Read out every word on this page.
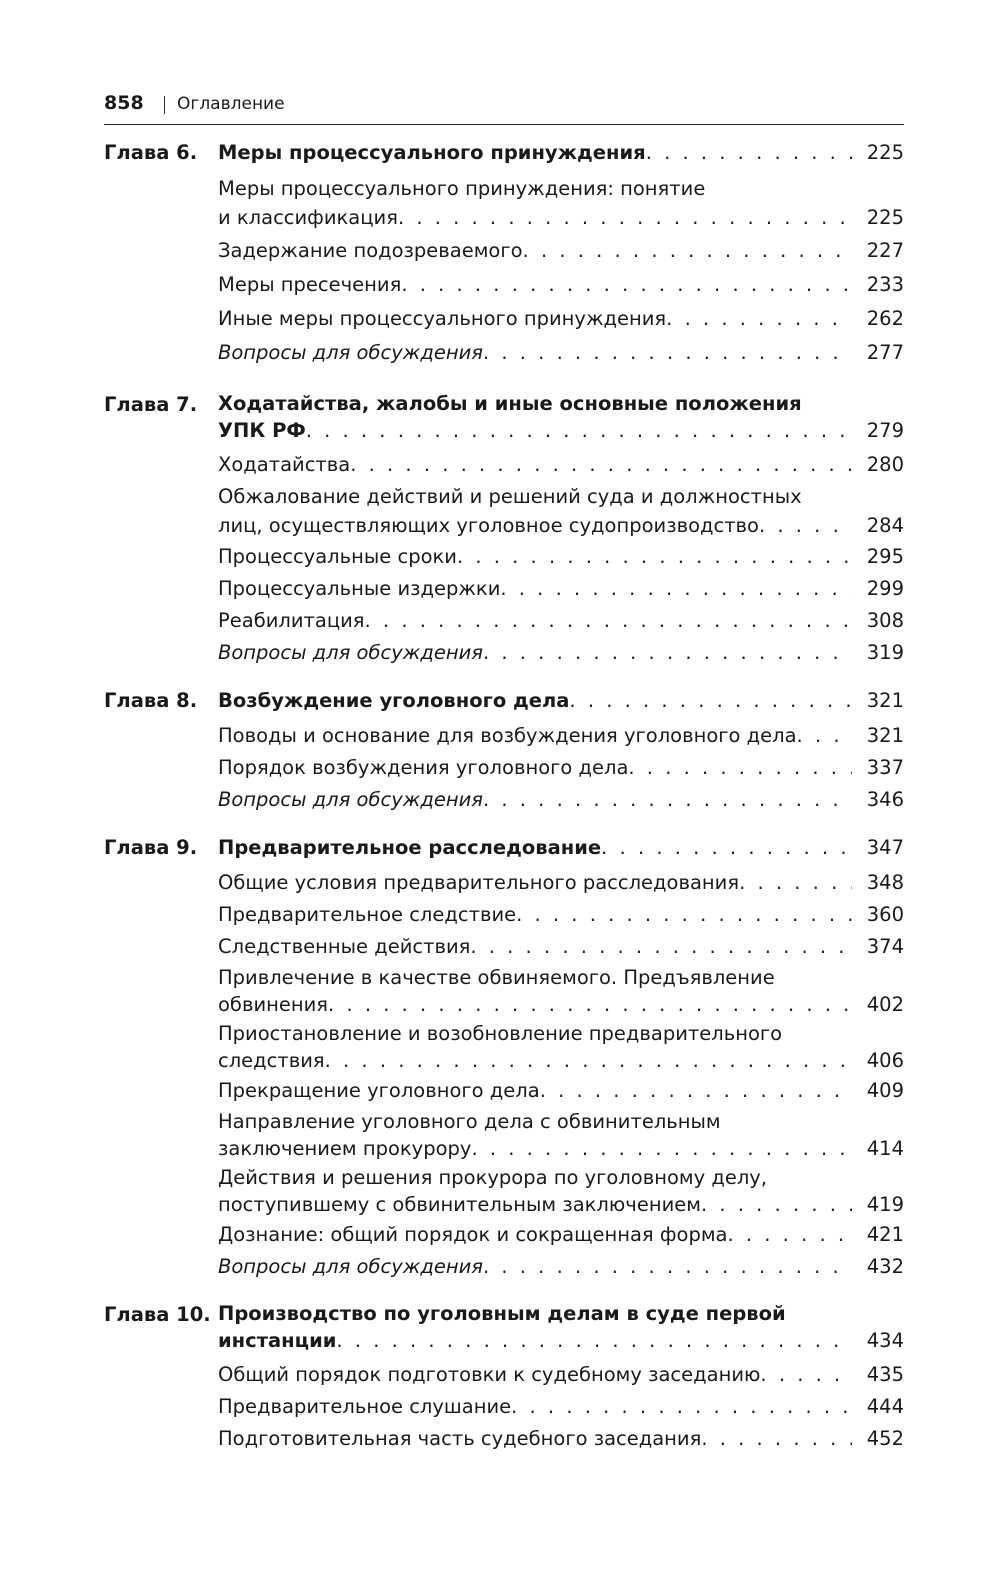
858 Оглавление
Глава 6. Меры процессуального принуждения . . .	225
Меры процессуального принуждения: понятие
и классификация . . .	225
Задержание подозреваемого . . .	227
Меры пресечения . . .	233
Иные меры процессуального принуждения . . .	262
Вопросы для обсуждения . . .	277
Глава 7. Ходатайства, жалобы и иные основные положения
УПК РФ . . .	279
Ходатайства . . .	280
Обжалование действий и решений суда и должностных
лиц, осуществляющих уголовное судопроизводство . . .	284
Процессуальные сроки . . .	295
Процессуальные издержки . . .	299
Реабилитация . . .	308
Вопросы для обсуждения . . .	319
Глава 8. Возбуждение уголовного дела . . .	321
Поводы и основание для возбуждения уголовного дела . . .	321
Порядок возбуждения уголовного дела . . .	337
Вопросы для обсуждения . . .	346
Глава 9. Предварительное расследование . . .	347
Общие условия предварительного расследования . . .	348
Предварительное следствие . . .	360
Следственные действия . . .	374
Привлечение в качестве обвиняемого. Предъявление
обвинения . . .	402
Приостановление и возобновление предварительного
следствия . . .	406
Прекращение уголовного дела . . .	409
Направление уголовного дела с обвинительным
заключением прокурору . . .	414
Действия и решения прокурора по уголовному делу,
поступившему с обвинительным заключением . . .	419
Дознание: общий порядок и сокращенная форма . . .	421
Вопросы для обсуждения . . .	432
Глава 10. Производство по уголовным делам в суде первой
инстанции . . .	434
Общий порядок подготовки к судебному заседанию . . .	435
Предварительное слушание . . .	444
Подготовительная часть судебного заседания . . .	452
